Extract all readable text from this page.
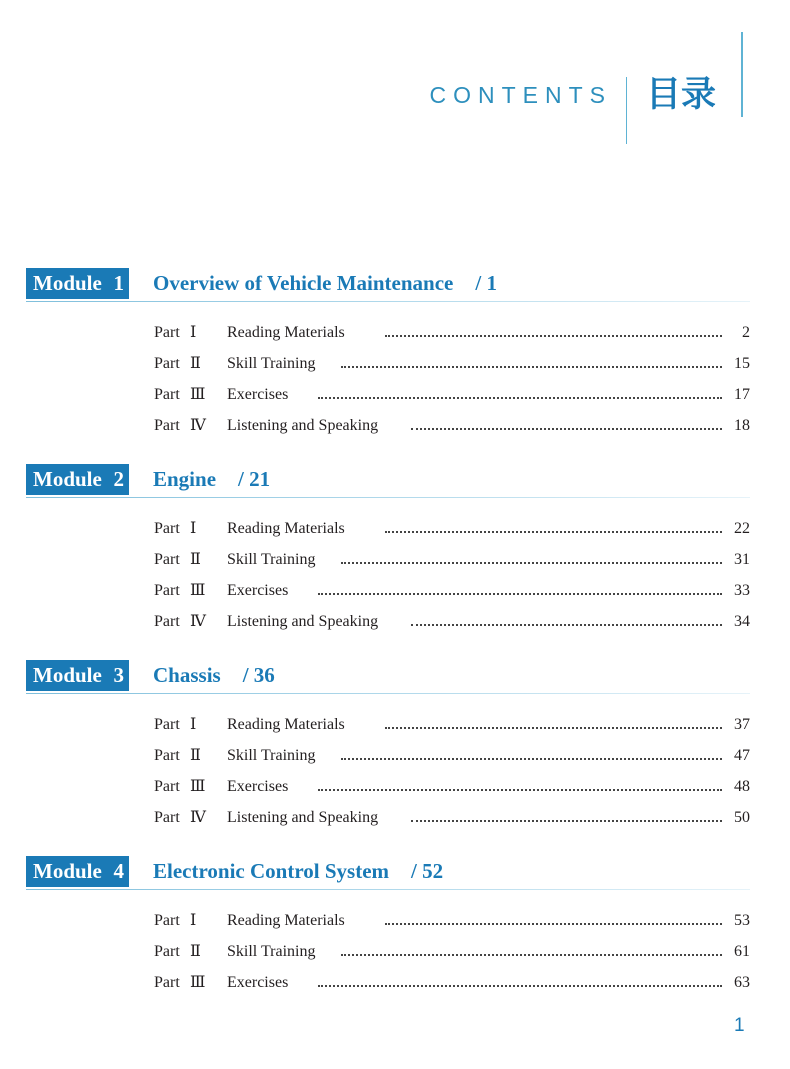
CONTENTS 目录
Module 1 Overview of Vehicle Maintenance / 1
Part Ⅰ Reading Materials	2
Part Ⅱ Skill Training	15
Part Ⅲ Exercises	17
Part Ⅳ Listening and Speaking	18
Module 2 Engine / 21
Part Ⅰ Reading Materials	22
Part Ⅱ Skill Training	31
Part Ⅲ Exercises	33
Part Ⅳ Listening and Speaking	34
Module 3 Chassis / 36
Part Ⅰ Reading Materials	37
Part Ⅱ Skill Training	47
Part Ⅲ Exercises	48
Part Ⅳ Listening and Speaking	50
Module 4 Electronic Control System / 52
Part Ⅰ Reading Materials	53
Part Ⅱ Skill Training	61
Part Ⅲ Exercises	63
1
